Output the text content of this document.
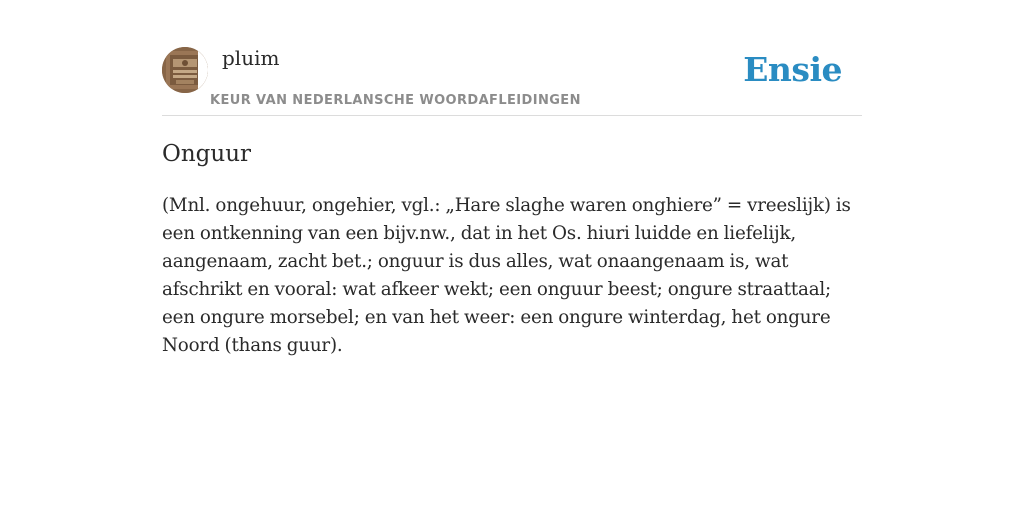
pluim
KEUR VAN NEDERLANSCHE WOORDAFLEIDINGEN
Ensie
Onguur

(Mnl. ongehuur, ongehier, vgl.: „Hare slaghe waren onghiere” = vreeslijk) is een ontkenning van een bijv.nw., dat in het Os. hiuri luidde en liefelijk, aangenaam, zacht bet.; onguur is dus alles, wat onaangenaam is, wat afschrikt en vooral: wat afkeer wekt; een onguur beest; ongure straattaal; een ongure morsebel; en van het weer: een ongure winterdag, het ongure Noord (thans guur).
